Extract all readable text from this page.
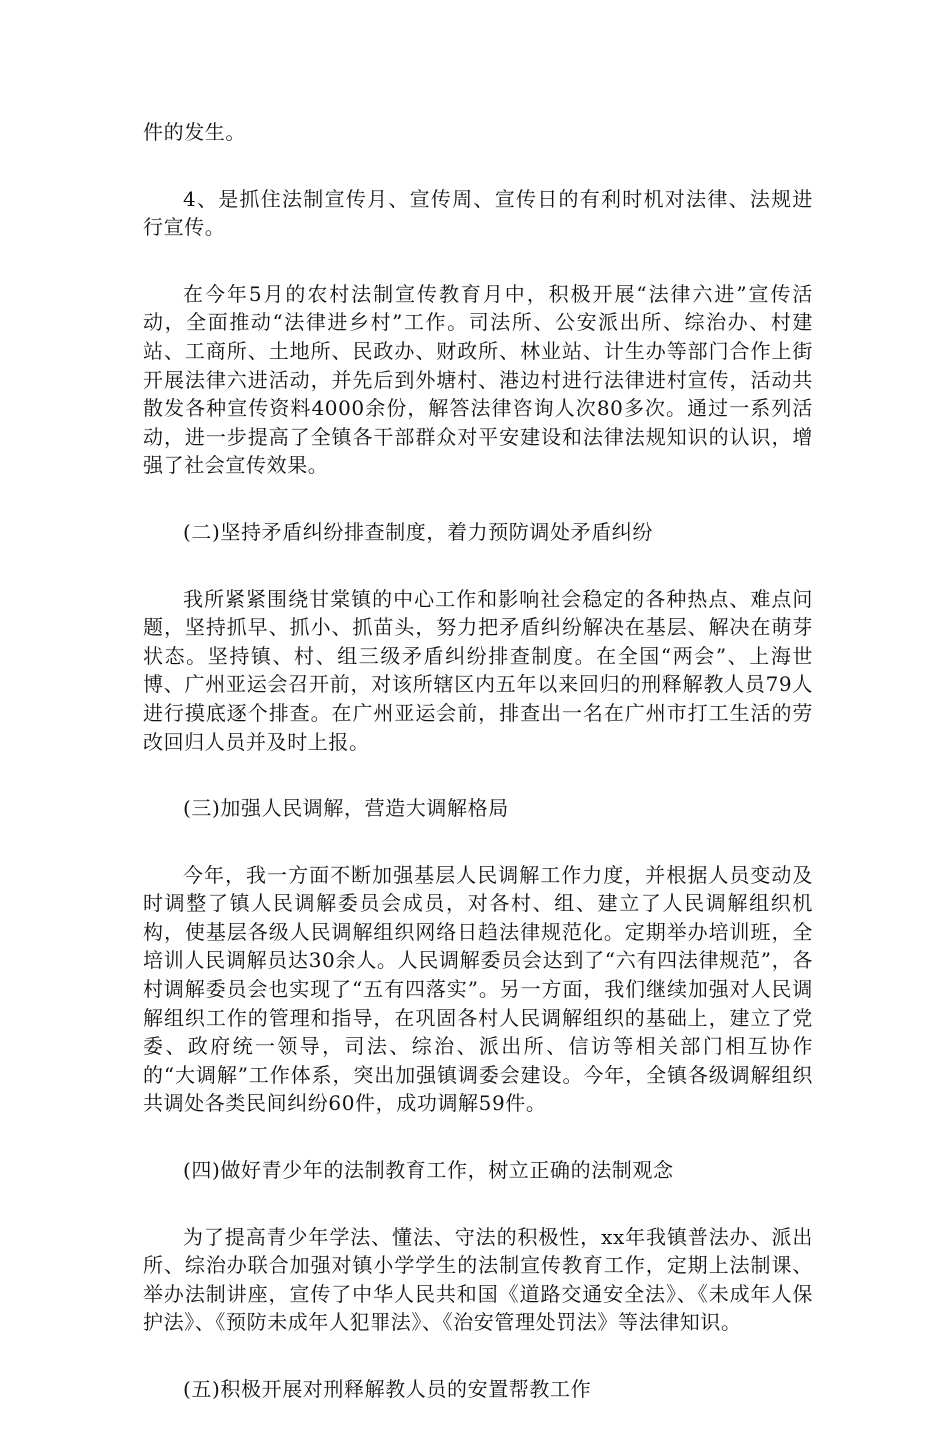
件的发生。

4、是抓住法制宣传月、宣传周、宣传日的有利时机对法律、法规进行宣传。

在今年5月的农村法制宣传教育月中，积极开展“法律六进”宣传活动，全面推动“法律进乡村”工作。司法所、公安派出所、综治办、村建站、工商所、土地所、民政办、财政所、林业站、计生办等部门合作上街开展法律六进活动，并先后到外塘村、港边村进行法律进村宣传，活动共散发各种宣传资料4000余份，解答法律咨询人次80多次。通过一系列活动，进一步提高了全镇各干部群众对平安建设和法律法规知识的认识，增强了社会宣传效果。

(二)坚持矛盾纠纷排查制度，着力预防调处矛盾纠纷

我所紧紧围绕甘棠镇的中心工作和影响社会稳定的各种热点、难点问题，坚持抓早、抓小、抓苗头，努力把矛盾纠纷解决在基层、解决在萌芽状态。坚持镇、村、组三级矛盾纠纷排查制度。在全国“两会”、上海世博、广州亚运会召开前，对该所辖区内五年以来回归的刑释解教人员79人进行摸底逐个排查。在广州亚运会前，排查出一名在广州市打工生活的劳改回归人员并及时上报。

(三)加强人民调解，营造大调解格局

今年，我一方面不断加强基层人民调解工作力度，并根据人员变动及时调整了镇人民调解委员会成员，对各村、组、建立了人民调解组织机构，使基层各级人民调解组织网络日趋法律规范化。定期举办培训班，全培训人民调解员达30余人。人民调解委员会达到了“六有四法律规范”，各村调解委员会也实现了“五有四落实”。另一方面，我们继续加强对人民调解组织工作的管理和指导，在巩固各村人民调解组织的基础上，建立了党委、政府统一领导，司法、综治、派出所、信访等相关部门相互协作的“大调解”工作体系，突出加强镇调委会建设。今年，全镇各级调解组织共调处各类民间纠纷60件，成功调解59件。

(四)做好青少年的法制教育工作，树立正确的法制观念

为了提高青少年学法、懂法、守法的积极性，xx年我镇普法办、派出所、综治办联合加强对镇小学学生的法制宣传教育工作，定期上法制课、举办法制讲座，宣传了中华人民共和国《道路交通安全法》、《未成年人保护法》、《预防未成年人犯罪法》、《治安管理处罚法》等法律知识。

(五)积极开展对刑释解教人员的安置帮教工作
